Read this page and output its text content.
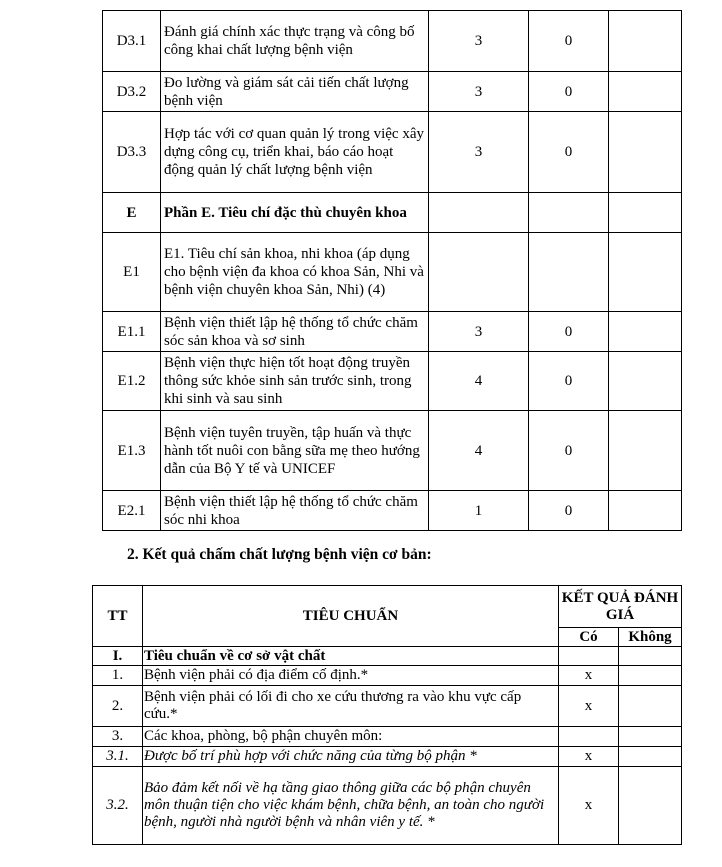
D3.1	Đánh giá chính xác thực trạng và công bố công khai chất lượng bệnh viện	3	0	
D3.2	Đo lường và giám sát cải tiến chất lượng bệnh viện	3	0	
D3.3	Hợp tác với cơ quan quản lý trong việc xây dựng công cụ, triển khai, báo cáo hoạt động quản lý chất lượng bệnh viện	3	0	
E	Phần E. Tiêu chí đặc thù chuyên khoa			
E1	E1. Tiêu chí sản khoa, nhi khoa (áp dụng cho bệnh viện đa khoa có khoa Sản, Nhi và bệnh viện chuyên khoa Sản, Nhi) (4)			
E1.1	Bệnh viện thiết lập hệ thống tổ chức chăm sóc sản khoa và sơ sinh	3	0	
E1.2	Bệnh viện thực hiện tốt hoạt động truyền thông sức khỏe sinh sản trước sinh, trong khi sinh và sau sinh	4	0	
E1.3	Bệnh viện tuyên truyền, tập huấn và thực hành tốt nuôi con bằng sữa mẹ theo hướng dẫn của Bộ Y tế và UNICEF	4	0	
E2.1	Bệnh viện thiết lập hệ thống tổ chức chăm sóc nhi khoa	1	0	
2. Kết quả chấm chất lượng bệnh viện cơ bản:
TT	TIÊU CHUẨN	KẾT QUẢ ĐÁNH GIÁ	
		Có	Không
I.	Tiêu chuẩn về cơ sở vật chất		
1.	Bệnh viện phải có địa điểm cố định.*	x	
2.	Bệnh viện phải có lối đi cho xe cứu thương ra vào khu vực cấp cứu.*	x	
3.	Các khoa, phòng, bộ phận chuyên môn:		
3.1.	Được bố trí phù hợp với chức năng của từng bộ phận *	x	
3.2.	Bảo đảm kết nối về hạ tầng giao thông giữa các bộ phận chuyên môn thuận tiện cho việc khám bệnh, chữa bệnh, an toàn cho người bệnh, người nhà người bệnh và nhân viên y tế. *	x	
